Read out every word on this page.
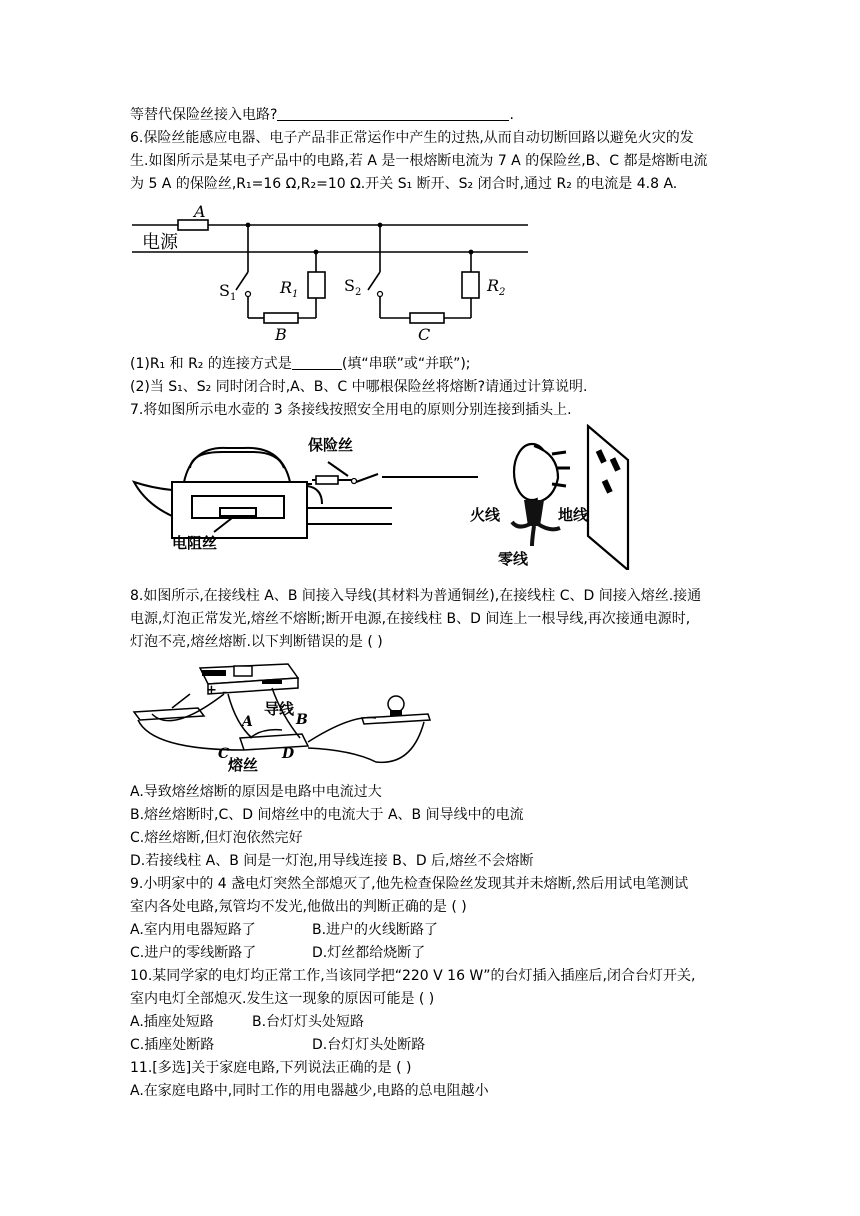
等替代保险丝接入电路?	.
6.保险丝能感应电器、电子产品非正常运作中产生的过热,从而自动切断回路以避免火灾的发
生.如图所示是某电子产品中的电路,若 A 是一根熔断电流为 7 A 的保险丝,B、C 都是熔断电流
为 5 A 的保险丝,R₁=16 Ω,R₂=10 Ω.开关 S₁ 断开、S₂ 闭合时,通过 R₂ 的电流是 4.8 A.
A
电源
$S_1$
$R_1$
B
$S_2$	$R_2$
C
(1)R₁ 和 R₂ 的连接方式是	(填“串联”或“并联”);
(2)当 S₁、S₂ 同时闭合时,A、B、C 中哪根保险丝将熔断?请通过计算说明.
7.将如图所示电水壶的 3 条接线按照安全用电的原则分别连接到插头上.
保险丝
电阻丝
火线	地线
零线
8.如图所示,在接线柱 A、B 间接入导线(其材料为普通铜丝),在接线柱 C、D 间接入熔丝.接通
电源,灯泡正常发光,熔丝不熔断;断开电源,在接线柱 B、D 间连上一根导线,再次接通电源时,
灯泡不亮,熔丝熔断.以下判断错误的是 ( )
+ -
导线
A	B
C	D
熔丝
A.导致熔丝熔断的原因是电路中电流过大
B.熔丝熔断时,C、D 间熔丝中的电流大于 A、B 间导线中的电流
C.熔丝熔断,但灯泡依然完好
D.若接线柱 A、B 间是一灯泡,用导线连接 B、D 后,熔丝不会熔断
9.小明家中的 4 盏电灯突然全部熄灭了,他先检查保险丝发现其并未熔断,然后用试电笔测试
室内各处电路,氖管均不发光,他做出的判断正确的是 ( )
A.室内用电器短路了	B.进户的火线断路了
C.进户的零线断路了	D.灯丝都给烧断了
10.某同学家的电灯均正常工作,当该同学把“220 V 16 W”的台灯插入插座后,闭合台灯开关,
室内电灯全部熄灭.发生这一现象的原因可能是 ( )
A.插座处短路	B.台灯灯头处短路
C.插座处断路	D.台灯灯头处断路
11.[多选]关于家庭电路,下列说法正确的是 ( )
A.在家庭电路中,同时工作的用电器越少,电路的总电阻越小
